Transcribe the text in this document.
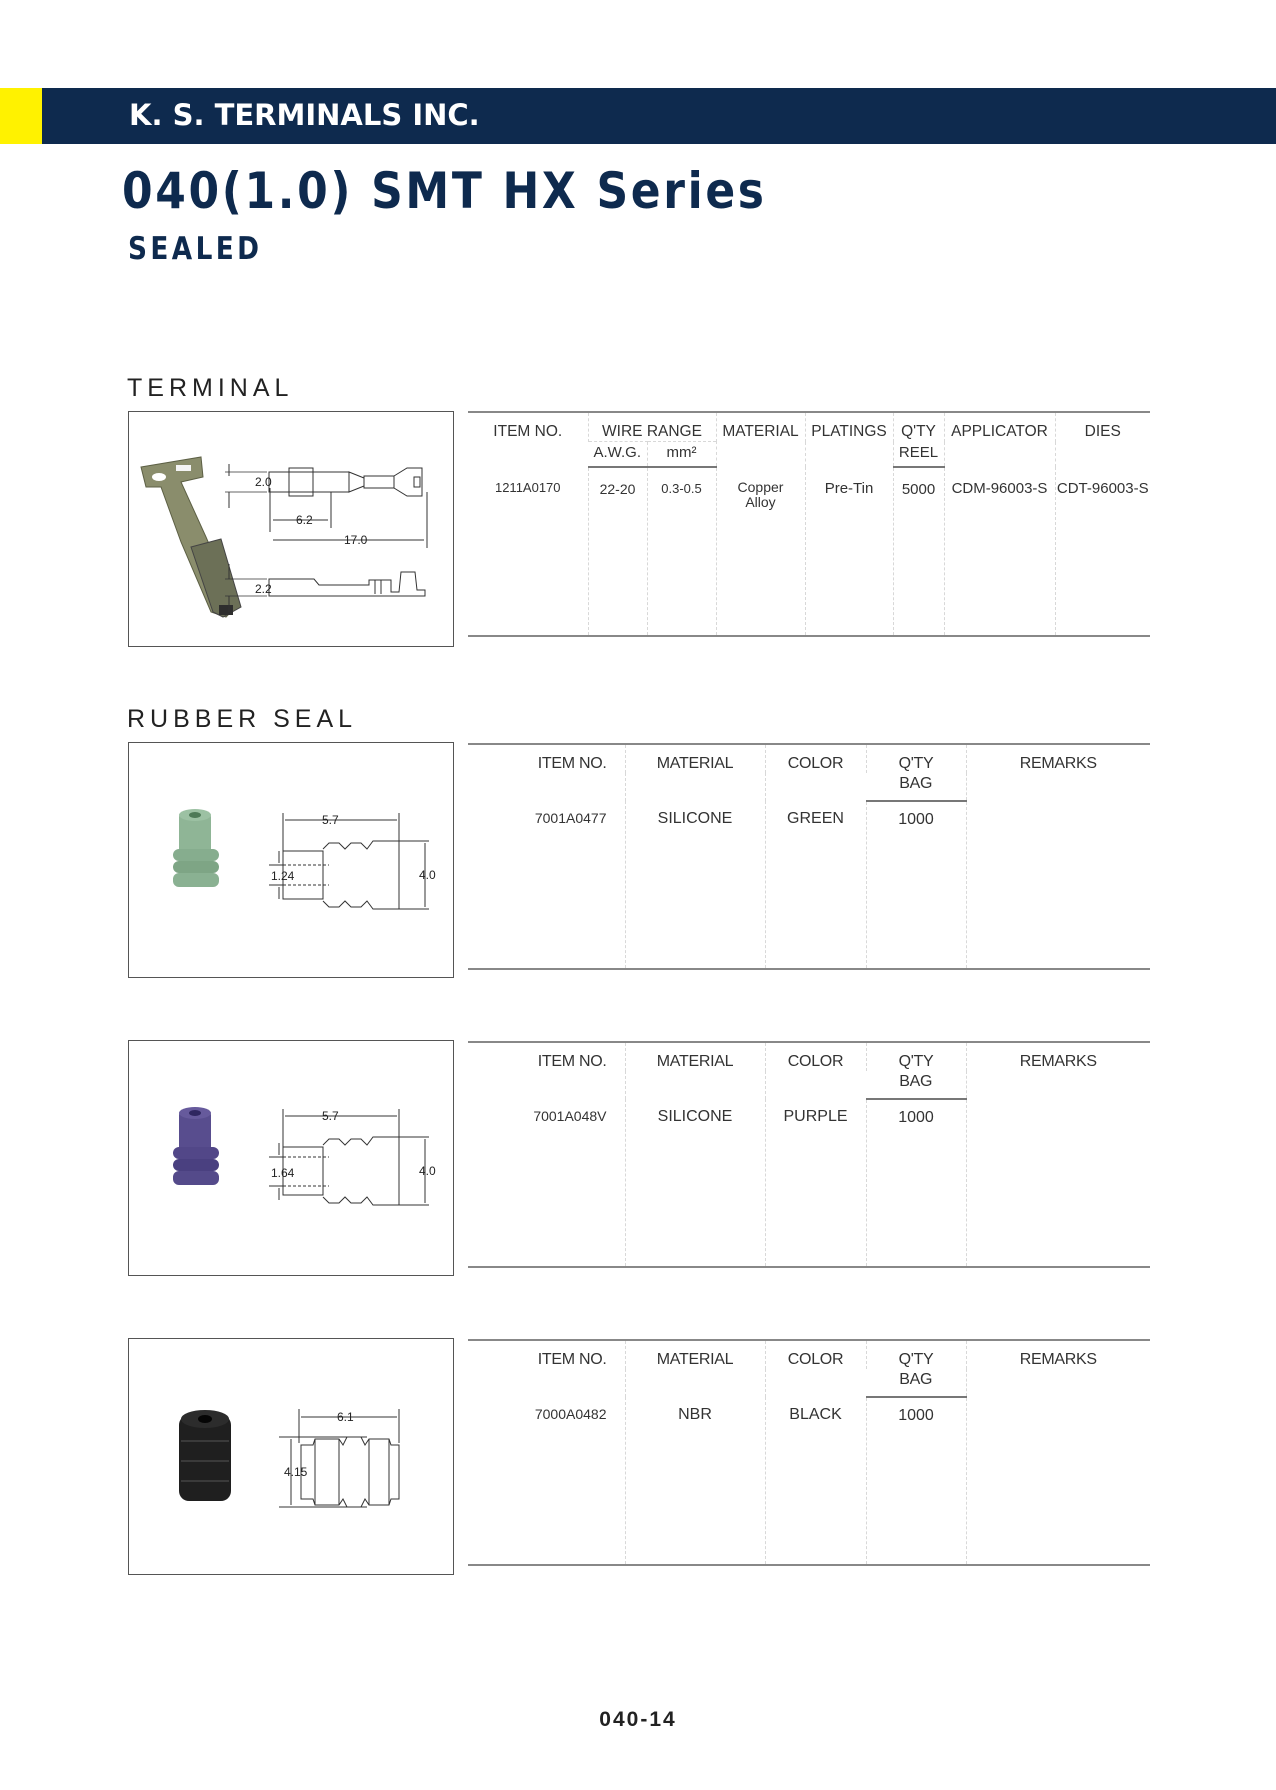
K. S. TERMINALS INC.
040(1.0) SMT HX Series
SEALED
TERMINAL
2.0
6.2
17.0
2.2
ITEM NO.	WIRE RANGE		MATERIAL	PLATINGS	Q'TY	APPLICATOR	DIES
	A.W.G.	mm²			REEL		
1211A0170	22-20	0.3-0.5	Copper Alloy	Pre-Tin	5000	CDM-96003-S	CDT-96003-S
RUBBER SEAL
5.7
1.24	4.0
ITEM NO.	MATERIAL	COLOR	Q'TY	REMARKS
			BAG	
7001A0477	SILICONE	GREEN	1000	
5.7
1.64	4.0
ITEM NO.	MATERIAL	COLOR	Q'TY	REMARKS
			BAG	
7001A048V	SILICONE	PURPLE	1000	
6.1
4.15
ITEM NO.	MATERIAL	COLOR	Q'TY	REMARKS
			BAG	
7000A0482	NBR	BLACK	1000	
040-14
